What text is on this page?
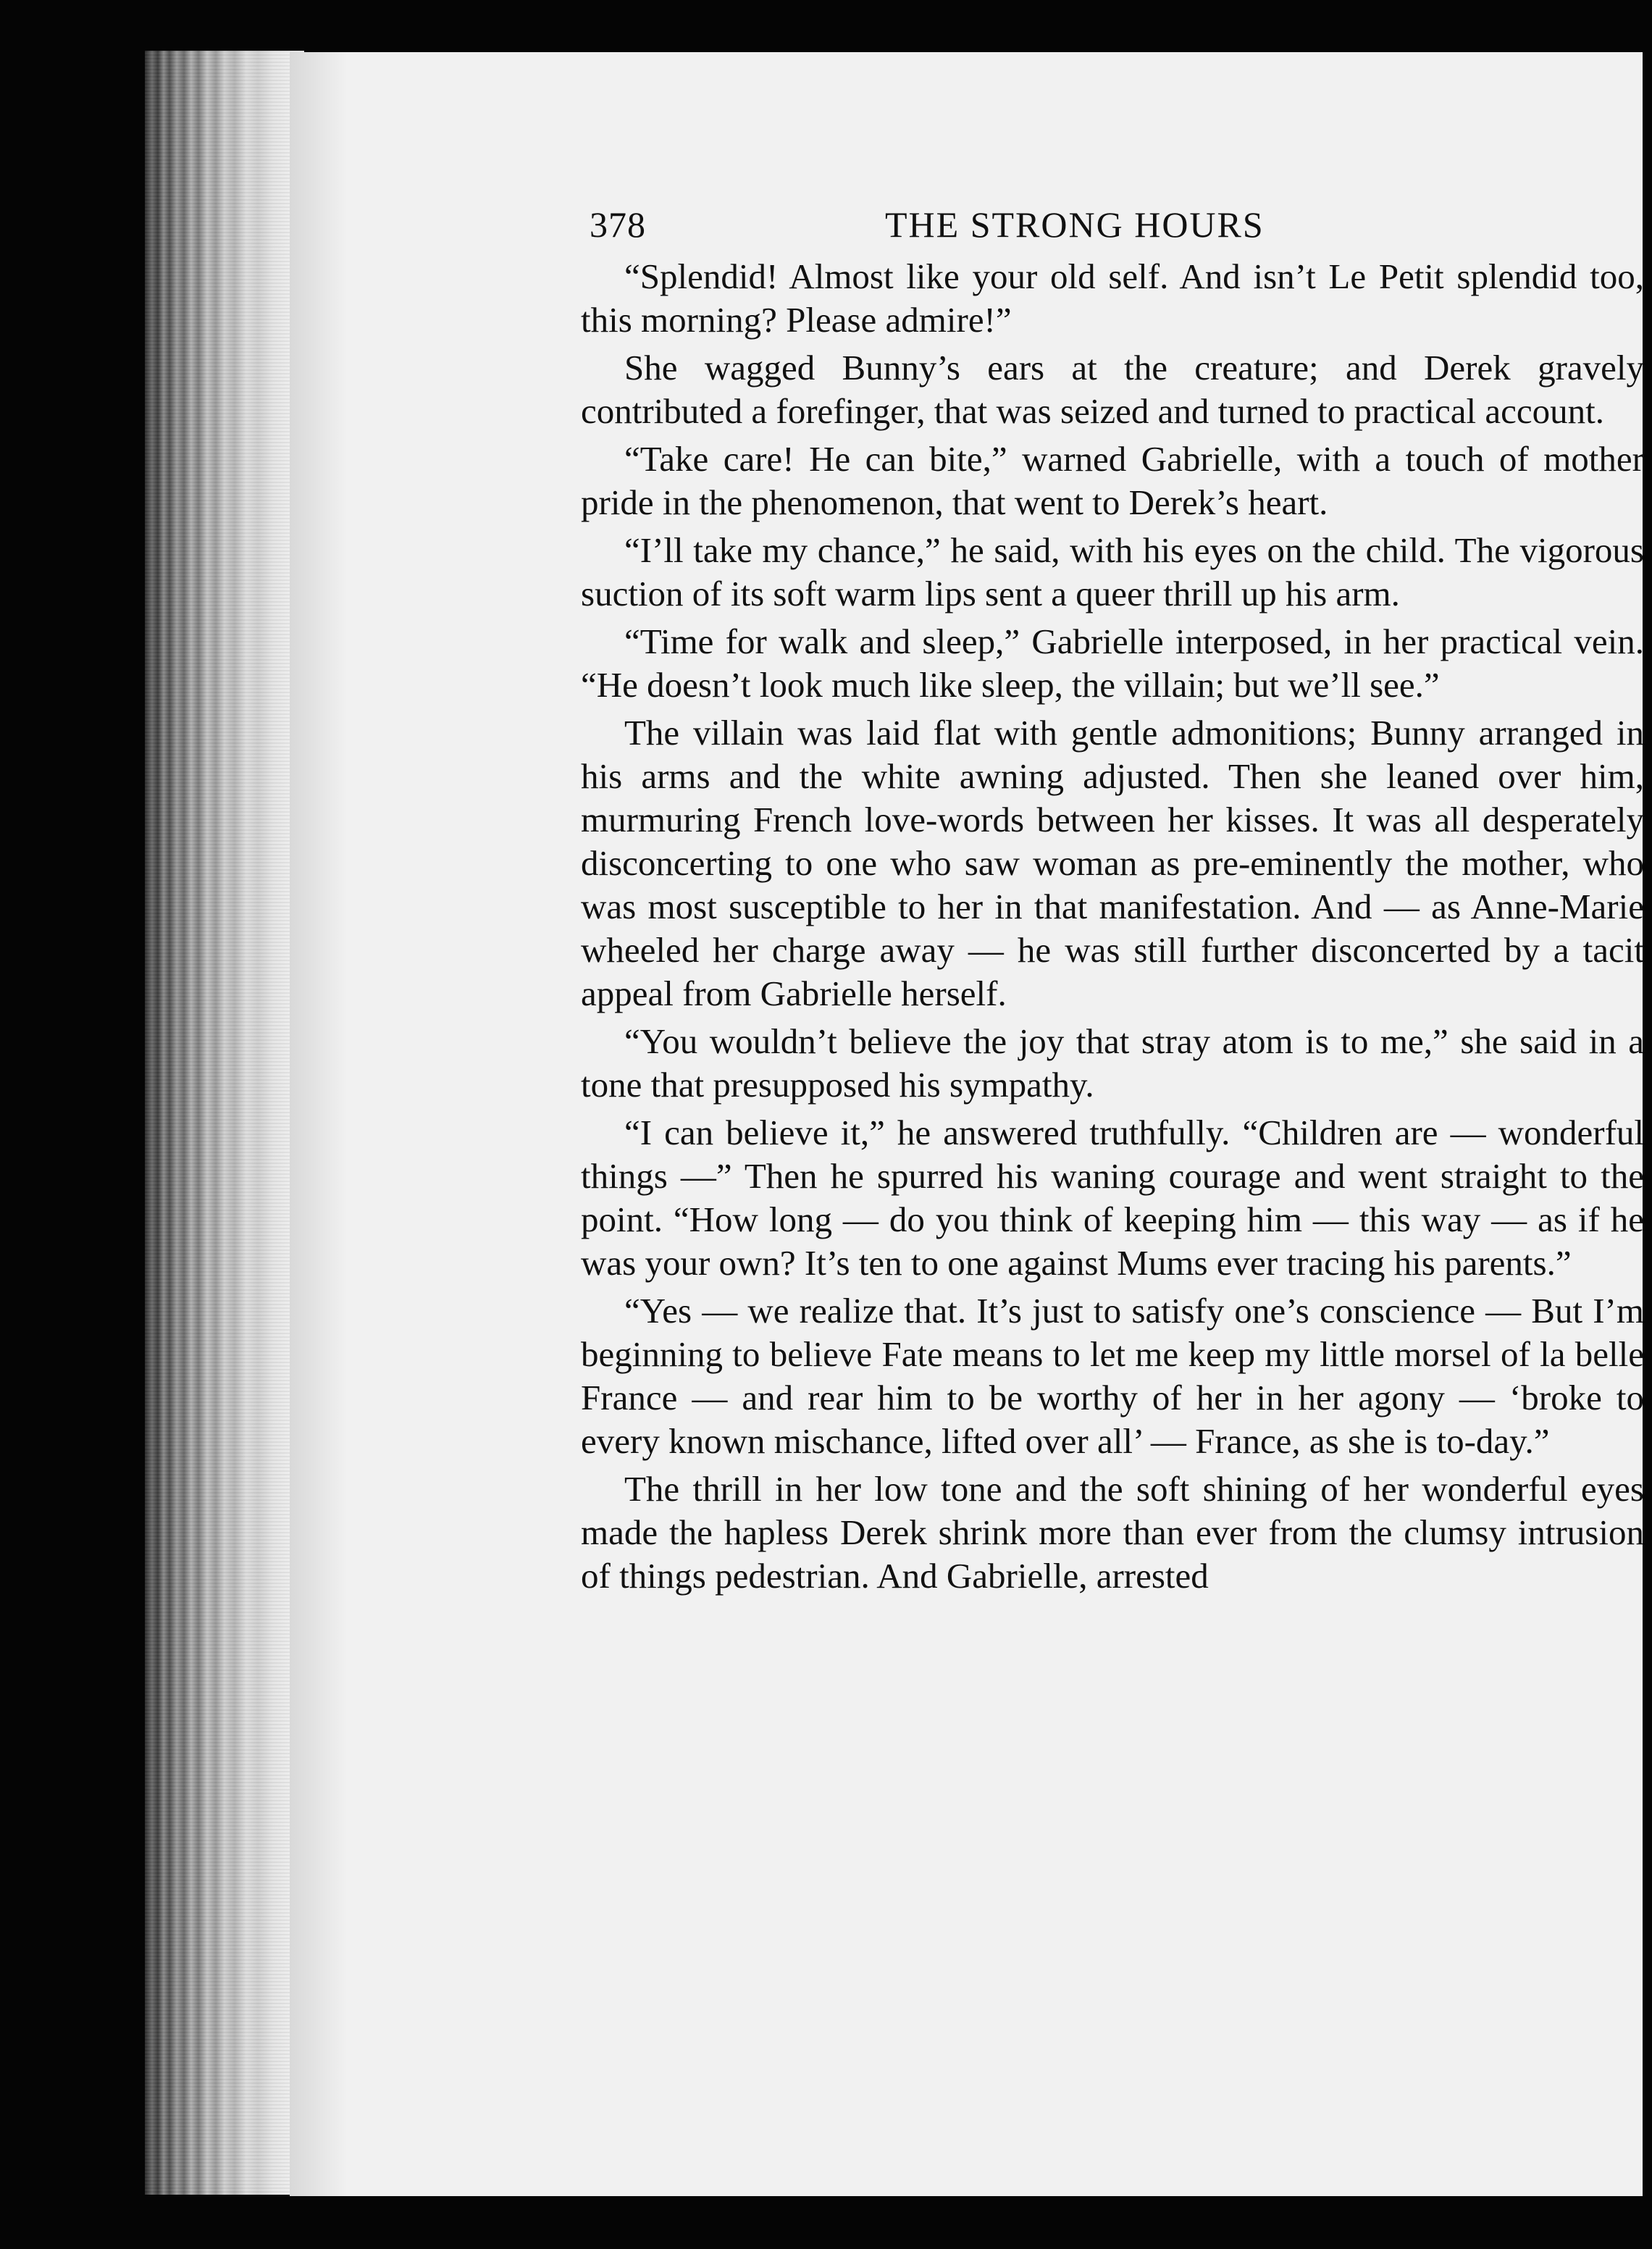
378	THE STRONG HOURS

“Splendid! Almost like your old self. And isn’t Le Petit splendid too, this morning? Please admire!”

She wagged Bunny’s ears at the creature; and Derek gravely contributed a forefinger, that was seized and turned to practical account.

“Take care! He can bite,” warned Gabrielle, with a touch of mother pride in the phenomenon, that went to Derek’s heart.

“I’ll take my chance,” he said, with his eyes on the child. The vigorous suction of its soft warm lips sent a queer thrill up his arm.

“Time for walk and sleep,” Gabrielle interposed, in her practical vein. “He doesn’t look much like sleep, the villain; but we’ll see.”

The villain was laid flat with gentle admonitions; Bunny arranged in his arms and the white awning adjusted. Then she leaned over him, murmuring French love-words between her kisses. It was all desperately disconcerting to one who saw woman as pre-eminently the mother, who was most susceptible to her in that manifestation. And — as Anne-Marie wheeled her charge away — he was still further disconcerted by a tacit appeal from Gabrielle herself.

“You wouldn’t believe the joy that stray atom is to me,” she said in a tone that presupposed his sympathy.

“I can believe it,” he answered truthfully. “Children are — wonderful things —” Then he spurred his waning courage and went straight to the point. “How long — do you think of keeping him — this way — as if he was your own? It’s ten to one against Mums ever tracing his parents.”

“Yes — we realize that. It’s just to satisfy one’s conscience — But I’m beginning to believe Fate means to let me keep my little morsel of la belle France — and rear him to be worthy of her in her agony — ‘broke to every known mischance, lifted over all’ — France, as she is to-day.”

The thrill in her low tone and the soft shining of her wonderful eyes made the hapless Derek shrink more than ever from the clumsy intrusion of things pedestrian. And Gabrielle, arrested
